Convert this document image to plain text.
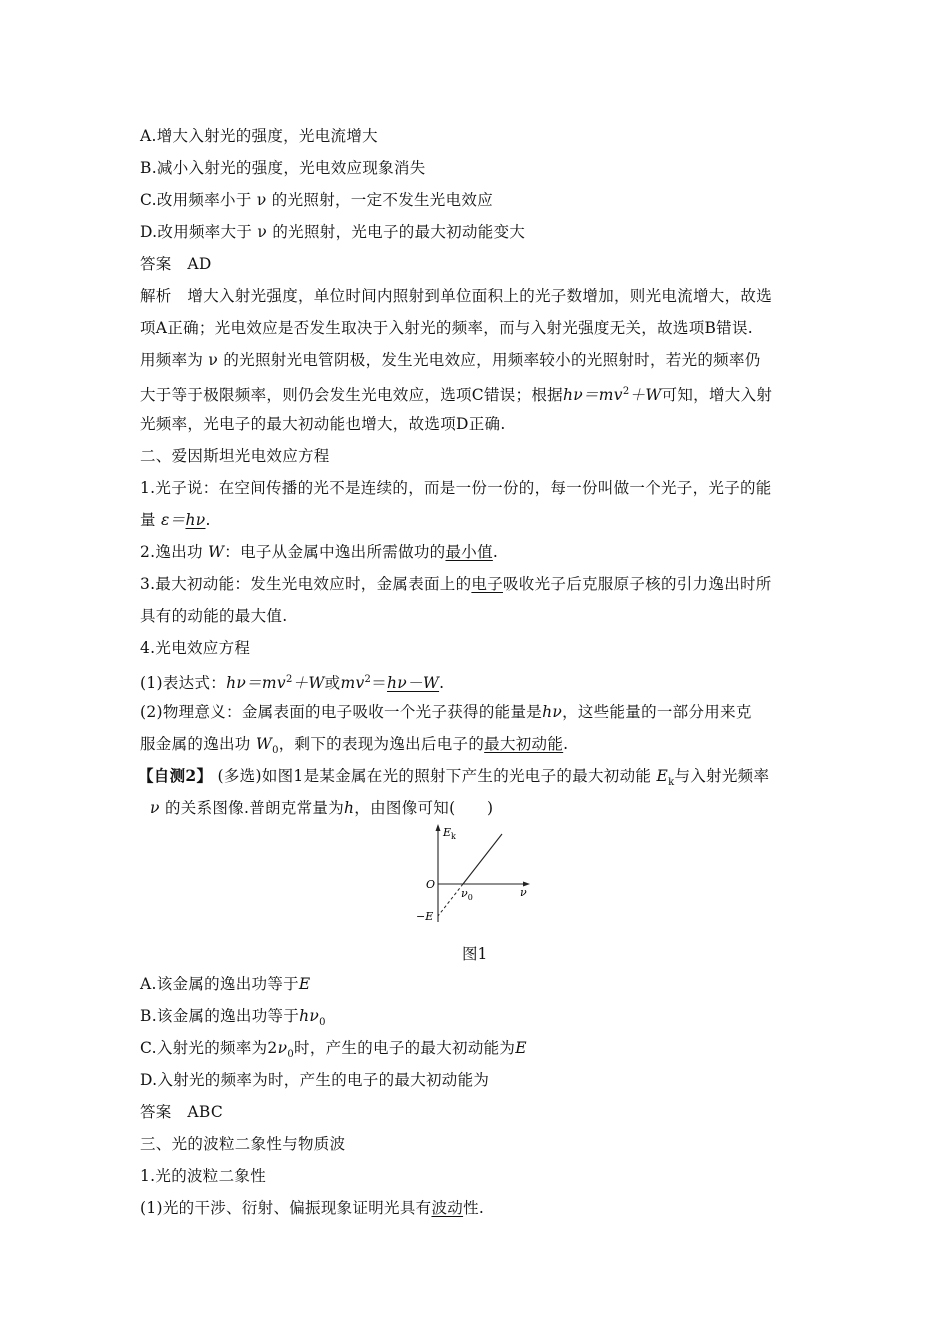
A.增大入射光的强度，光电流增大
B.减小入射光的强度，光电效应现象消失
C.改用频率小于 ν 的光照射，一定不发生光电效应
D.改用频率大于 ν 的光照射，光电子的最大初动能变大
答案　AD
解析　增大入射光强度，单位时间内照射到单位面积上的光子数增加，则光电流增大，故选
项A正确；光电效应是否发生取决于入射光的频率，而与入射光强度无关，故选项B错误.
用频率为 ν 的光照射光电管阴极，发生光电效应，用频率较小的光照射时，若光的频率仍
大于等于极限频率，则仍会发生光电效应，选项C错误；根据$h\nu=mv^2+W$可知，增大入射
光频率，光电子的最大初动能也增大，故选项D正确.
二、爱因斯坦光电效应方程
1.光子说：在空间传播的光不是连续的，而是一份一份的，每一份叫做一个光子，光子的能
量 ε＝hν.
2.逸出功 W：电子从金属中逸出所需做功的最小值.
3.最大初动能：发生光电效应时，金属表面上的电子吸收光子后克服原子核的引力逸出时所
具有的动能的最大值.
4.光电效应方程
(1)表达式：$h\nu=mv^2+W$或$mv^2=h\nu-W$.
(2)物理意义：金属表面的电子吸收一个光子获得的能量是hν，这些能量的一部分用来克
服金属的逸出功 $W_0$，剩下的表现为逸出后电子的最大初动能.
【自测2】 (多选)如图1是某金属在光的照射下产生的光电子的最大初动能 $E_k$与入射光频率
ν 的关系图像.普朗克常量为h，由图像可知(　　)
$E_k$
ν
O
$\nu_0$
−E
图1
A.该金属的逸出功等于E
B.该金属的逸出功等于$h\nu_0$
C.入射光的频率为$2\nu_0$时，产生的电子的最大初动能为E
D.入射光的频率为时，产生的电子的最大初动能为
答案　ABC
三、光的波粒二象性与物质波
1.光的波粒二象性
(1)光的干涉、衍射、偏振现象证明光具有波动性.
